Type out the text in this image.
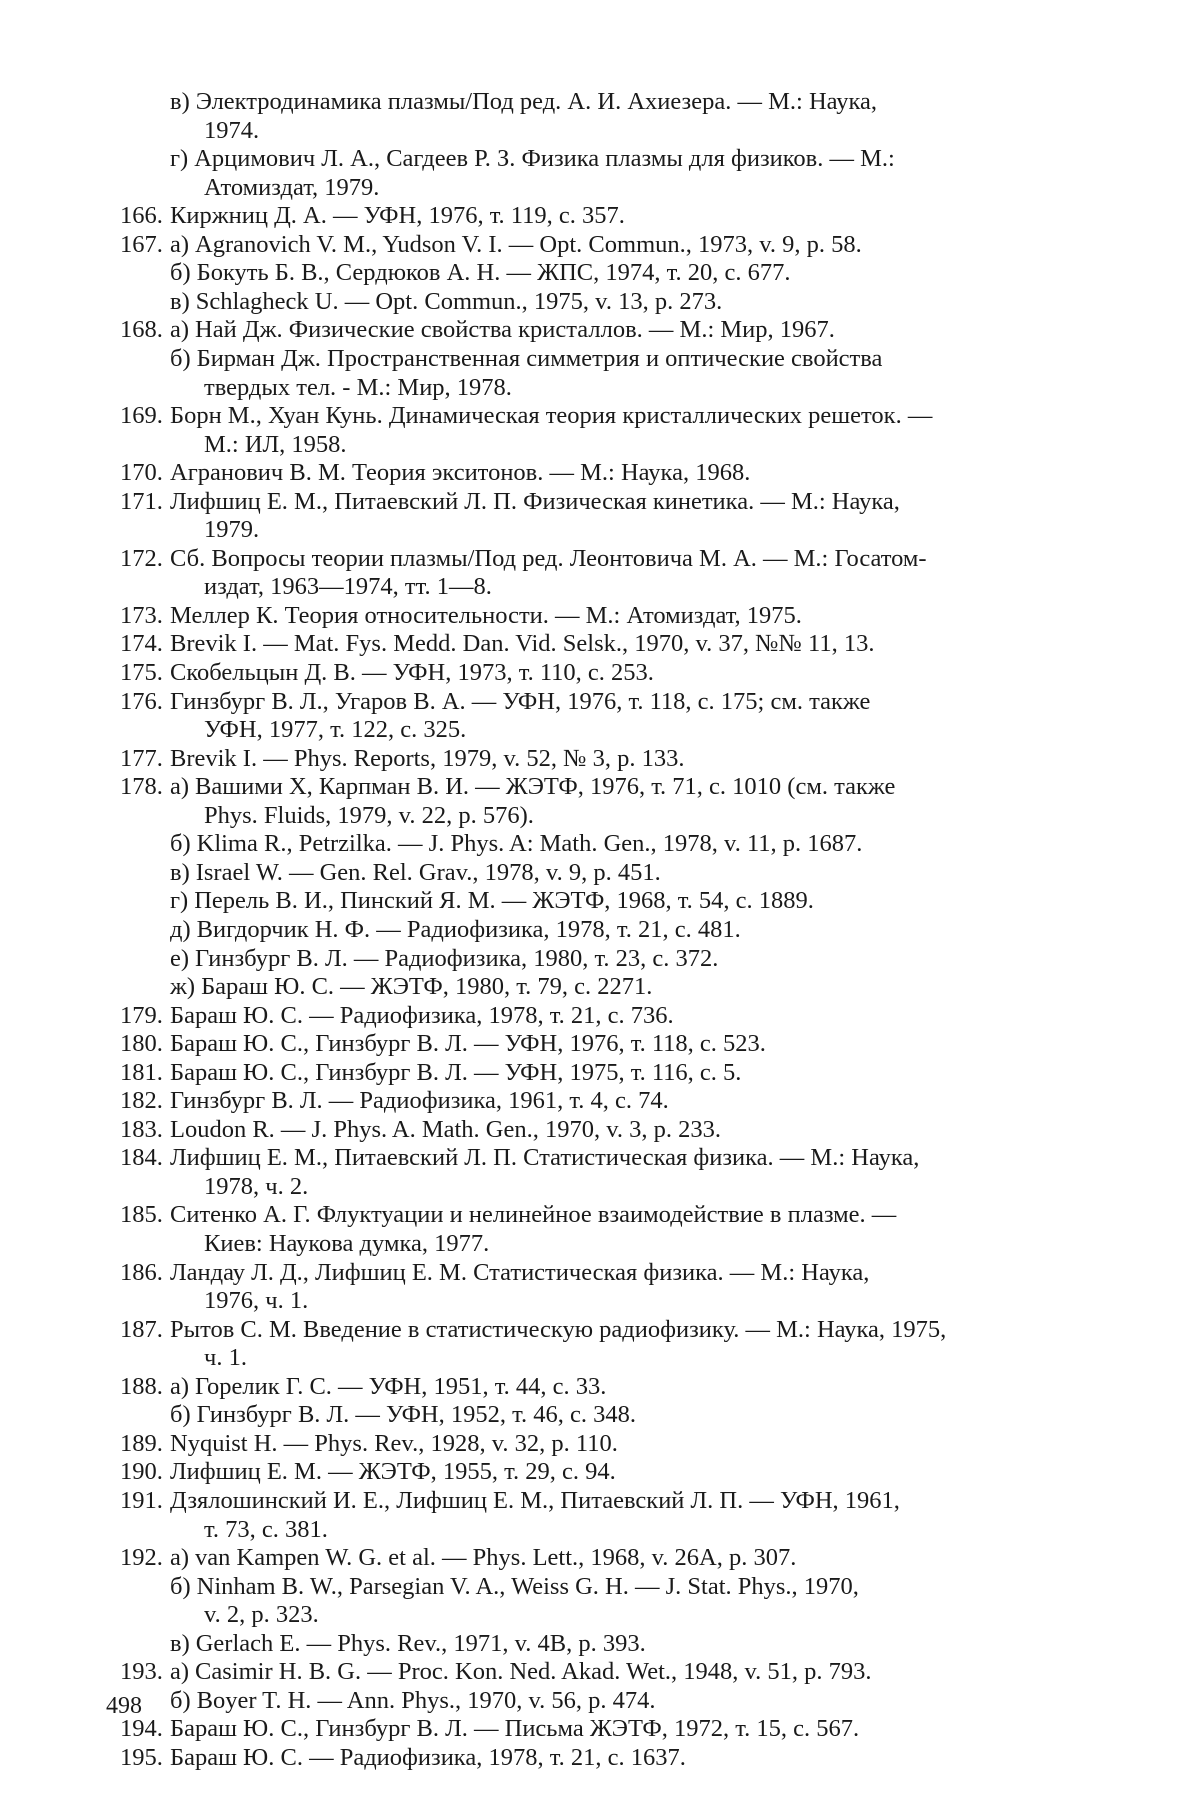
в) Электродинамика плазмы/Под ред. А. И. Ахиезера. — М.: Наука,
1974.
г) Арцимович Л. А., Сагдеев Р. З. Физика плазмы для физиков. — М.:
Атомиздат, 1979.
166. Киржниц Д. А. — УФН, 1976, т. 119, с. 357.
167. а) Agranovich V. M., Yudson V. I. — Opt. Commun., 1973, v. 9, p. 58.
б) Бокуть Б. В., Сердюков А. Н. — ЖПС, 1974, т. 20, с. 677.
в) Schlagheck U. — Opt. Commun., 1975, v. 13, p. 273.
168. а) Най Дж. Физические свойства кристаллов. — М.: Мир, 1967.
б) Бирман Дж. Пространственная симметрия и оптические свойства
твердых тел. - М.: Мир, 1978.
169. Борн М., Хуан Кунь. Динамическая теория кристаллических решеток. —
М.: ИЛ, 1958.
170. Агранович В. М. Теория экситонов. — М.: Наука, 1968.
171. Лифшиц Е. М., Питаевский Л. П. Физическая кинетика. — М.: Наука,
1979.
172. Сб. Вопросы теории плазмы/Под ред. Леонтовича М. А. — М.: Госатом-
издат, 1963—1974, тт. 1—8.
173. Меллер К. Теория относительности. — М.: Атомиздат, 1975.
174. Brevik I. — Mat. Fys. Medd. Dan. Vid. Selsk., 1970, v. 37, №№ 11, 13.
175. Скобельцын Д. В. — УФН, 1973, т. 110, с. 253.
176. Гинзбург В. Л., Угаров В. А. — УФН, 1976, т. 118, с. 175; см. также
УФН, 1977, т. 122, с. 325.
177. Brevik I. — Phys. Reports, 1979, v. 52, № 3, p. 133.
178. а) Вашими Х, Карпман В. И. — ЖЭТФ, 1976, т. 71, с. 1010 (см. также
Phys. Fluids, 1979, v. 22, p. 576).
б) Klima R., Petrzilka. — J. Phys. A: Math. Gen., 1978, v. 11, p. 1687.
в) Israel W. — Gen. Rel. Grav., 1978, v. 9, p. 451.
г) Перель В. И., Пинский Я. М. — ЖЭТФ, 1968, т. 54, с. 1889.
д) Вигдорчик Н. Ф. — Радиофизика, 1978, т. 21, с. 481.
е) Гинзбург В. Л. — Радиофизика, 1980, т. 23, с. 372.
ж) Бараш Ю. С. — ЖЭТФ, 1980, т. 79, с. 2271.
179. Бараш Ю. С. — Радиофизика, 1978, т. 21, с. 736.
180. Бараш Ю. С., Гинзбург В. Л. — УФН, 1976, т. 118, с. 523.
181. Бараш Ю. С., Гинзбург В. Л. — УФН, 1975, т. 116, с. 5.
182. Гинзбург В. Л. — Радиофизика, 1961, т. 4, с. 74.
183. Loudon R. — J. Phys. A. Math. Gen., 1970, v. 3, p. 233.
184. Лифшиц Е. М., Питаевский Л. П. Статистическая физика. — М.: Наука,
1978, ч. 2.
185. Ситенко А. Г. Флуктуации и нелинейное взаимодействие в плазме. —
Киев: Наукова думка, 1977.
186. Ландау Л. Д., Лифшиц Е. М. Статистическая физика. — М.: Наука,
1976, ч. 1.
187. Рытов С. М. Введение в статистическую радиофизику. — М.: Наука, 1975,
ч. 1.
188. а) Горелик Г. С. — УФН, 1951, т. 44, с. 33.
б) Гинзбург В. Л. — УФН, 1952, т. 46, с. 348.
189. Nyquist H. — Phys. Rev., 1928, v. 32, p. 110.
190. Лифшиц Е. М. — ЖЭТФ, 1955, т. 29, с. 94.
191. Дзялошинский И. Е., Лифшиц Е. М., Питаевский Л. П. — УФН, 1961,
т. 73, с. 381.
192. а) van Kampen W. G. et al. — Phys. Lett., 1968, v. 26A, p. 307.
б) Ninham B. W., Parsegian V. A., Weiss G. H. — J. Stat. Phys., 1970,
v. 2, p. 323.
в) Gerlach E. — Phys. Rev., 1971, v. 4B, p. 393.
193. а) Casimir H. B. G. — Proc. Kon. Ned. Akad. Wet., 1948, v. 51, p. 793.
б) Boyer T. H. — Ann. Phys., 1970, v. 56, p. 474.
194. Бараш Ю. С., Гинзбург В. Л. — Письма ЖЭТФ, 1972, т. 15, с. 567.
195. Бараш Ю. С. — Радиофизика, 1978, т. 21, с. 1637.
498
